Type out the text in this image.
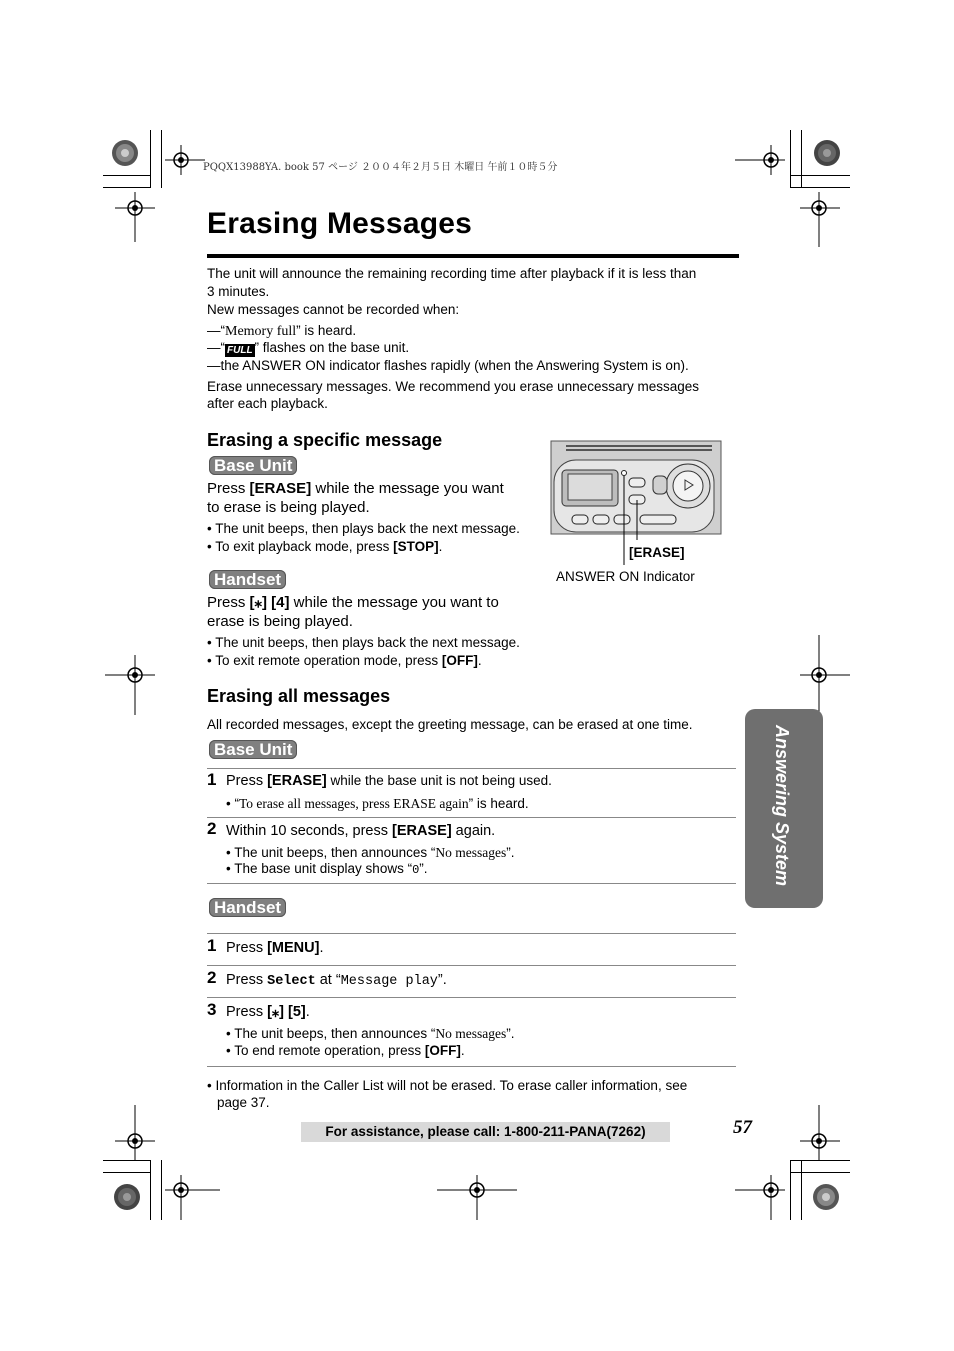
PQQX13988YA. book 57 ページ ２００４年２月５日 木曜日 午前１０時５分
Erasing Messages

The unit will announce the remaining recording time after playback if it is less than

3 minutes.

New messages cannot be recorded when:

—“Memory full” is heard.

—“ FULL ” flashes on the base unit.

—the ANSWER ON indicator flashes rapidly (when the Answering System is on).

Erase unnecessary messages. We recommend you erase unnecessary messages

after each playback.

Erasing a specific message
Base Unit

Press [ERASE] while the message you want

to erase is being played.

• The unit beeps, then plays back the next message.

• To exit playback mode, press [STOP].

Handset

Press [⁎] [4] while the message you want to

erase is being played.

• The unit beeps, then plays back the next message.

• To exit remote operation mode, press [OFF].

[ERASE]
ANSWER ON Indicator
Erasing all messages

All recorded messages, except the greeting message, can be erased at one time.

Base Unit
1 Press [ERASE] while the base unit is not being used.
• “To erase all messages, press ERASE again” is heard.
2 Within 10 seconds, press [ERASE] again.
• The unit beeps, then announces “No messages”.
• The base unit display shows “0”.
Handset
1 Press [MENU].
2 Press Select at “Message play”.
3 Press [⁎] [5].
• The unit beeps, then announces “No messages”.
• To end remote operation, press [OFF].

• Information in the Caller List will not be erased. To erase caller information, see

page 37.

Answering System
For assistance, please call: 1-800-211-PANA(7262)	57
